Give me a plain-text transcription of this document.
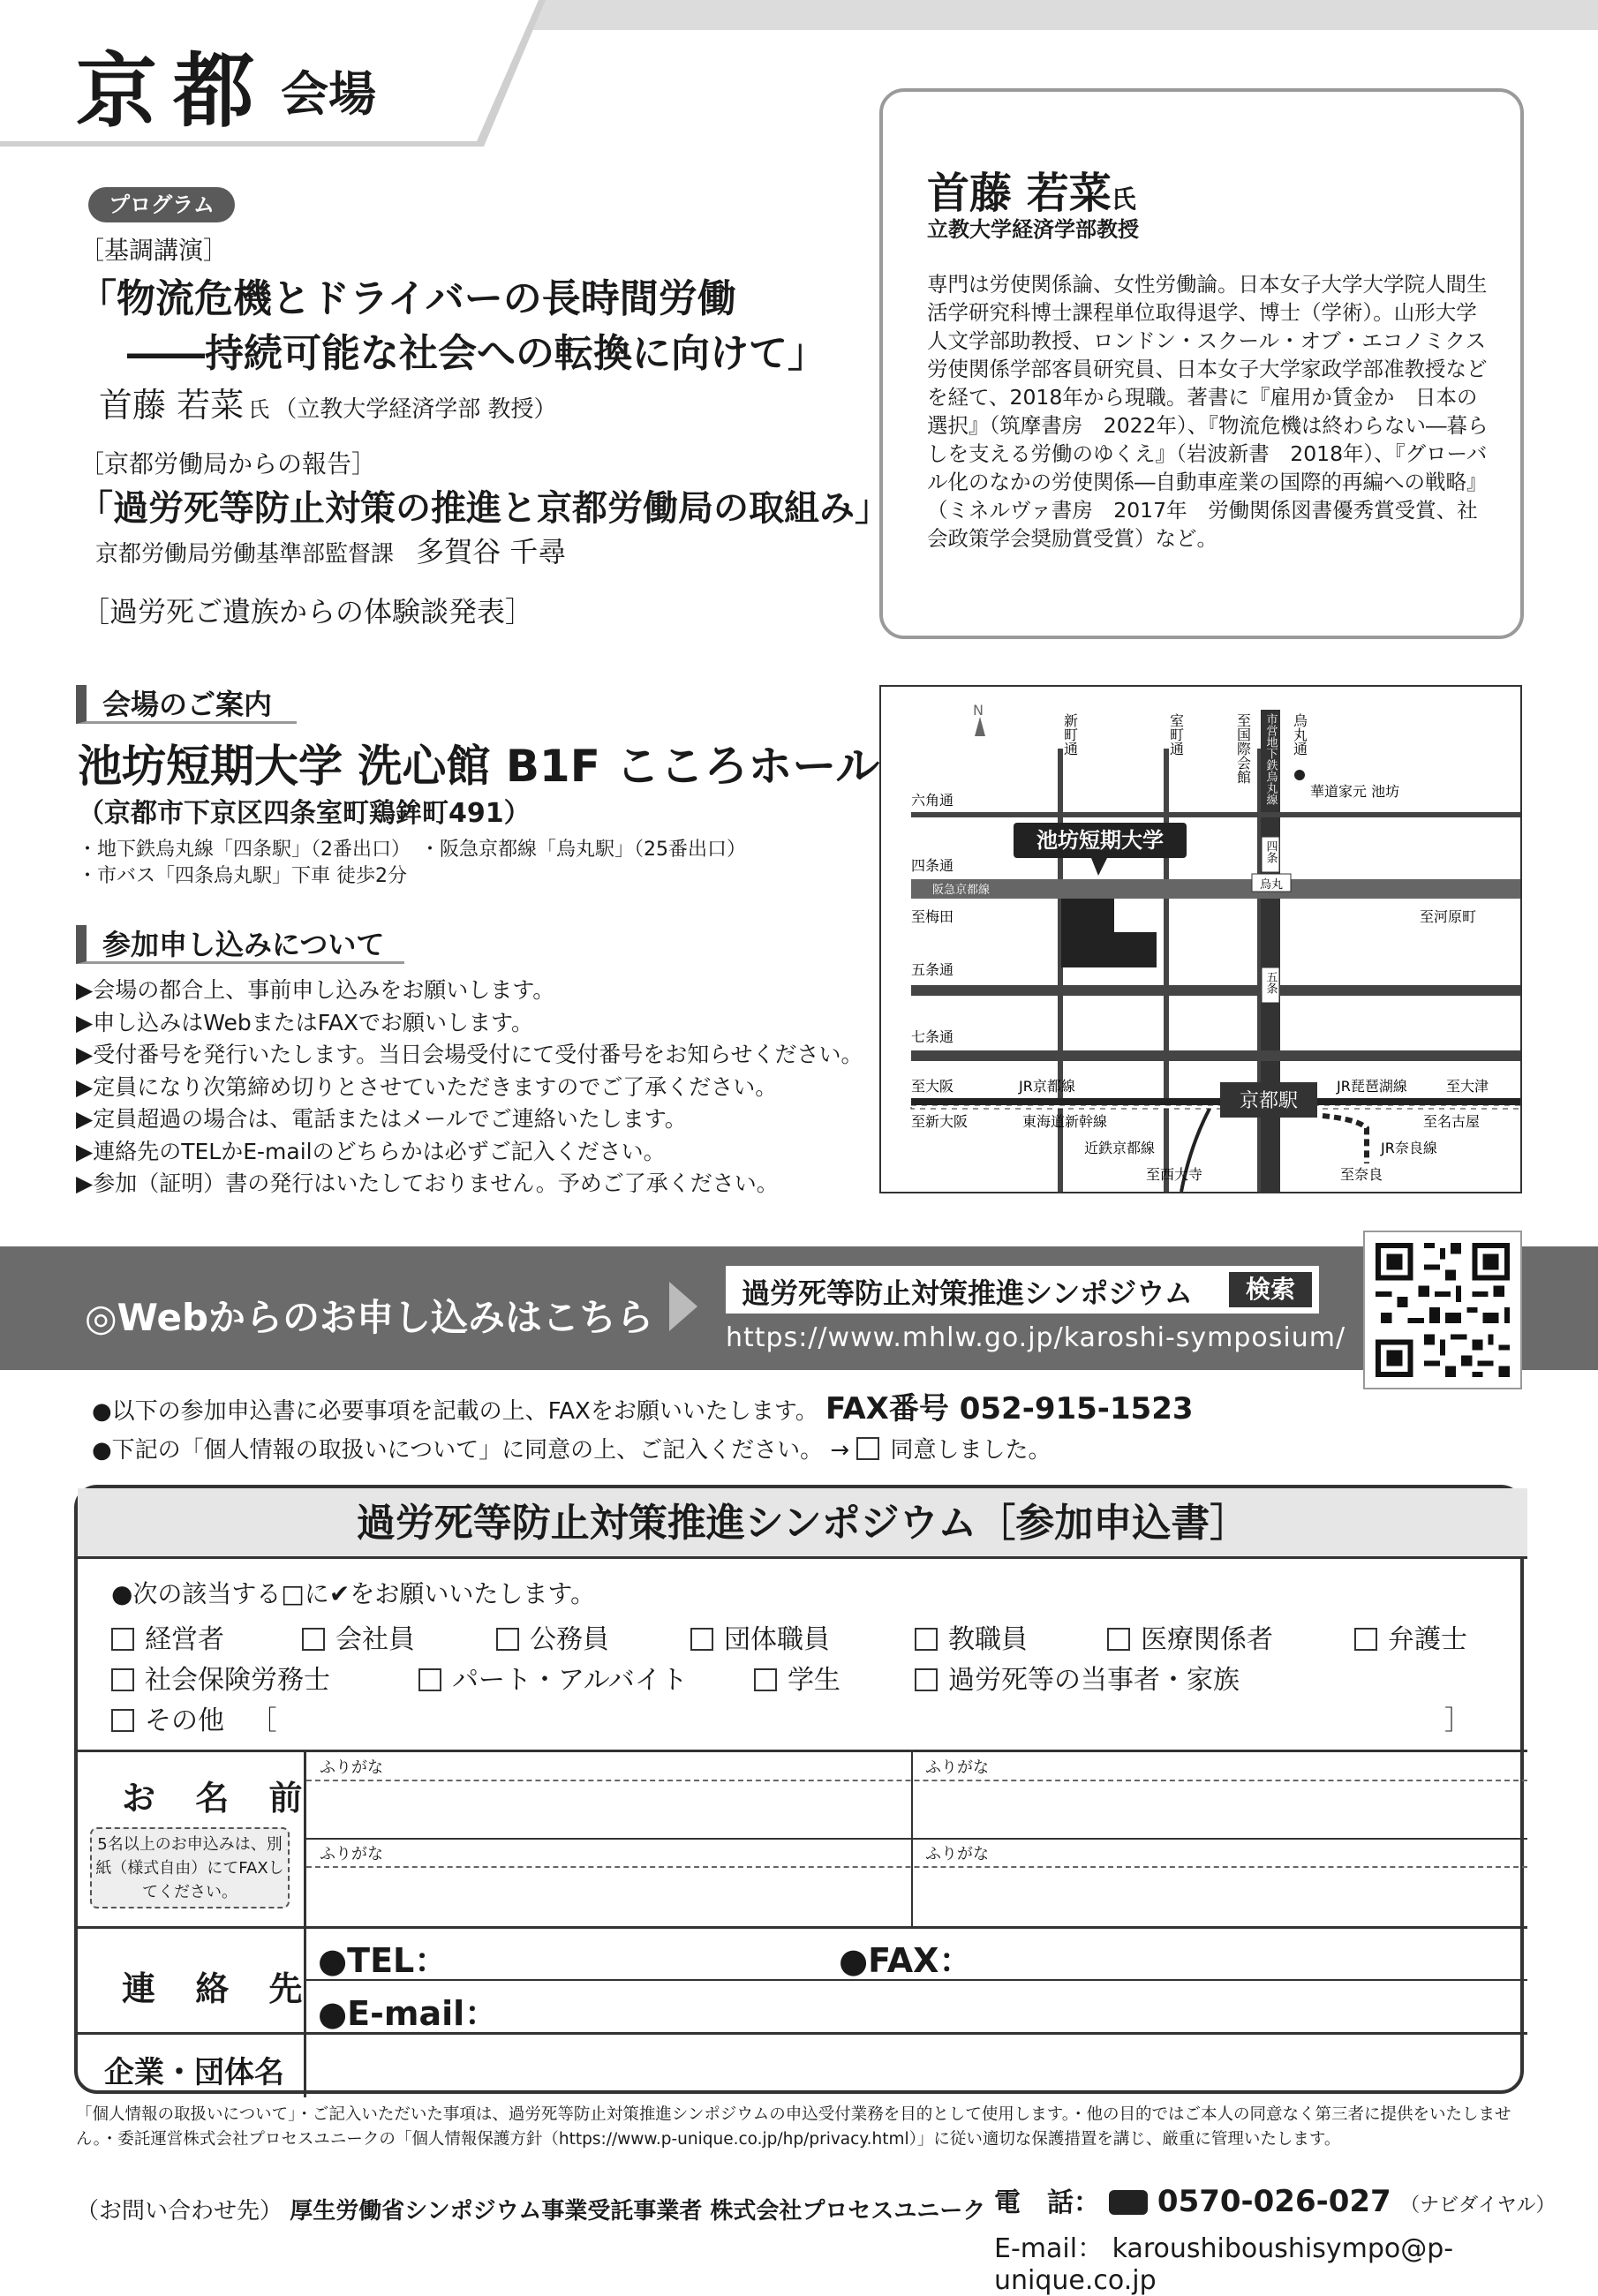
京都 会場
プログラム
［基調講演］
「物流危機とドライバーの長時間労働
――持続可能な社会への転換に向けて」
首藤 若菜 氏 （立教大学経済学部 教授）
［京都労働局からの報告］
「過労死等防止対策の推進と京都労働局の取組み」
京都労働局労働基準部監督課 多賀谷 千尋
［過労死ご遺族からの体験談発表］
首藤 若菜氏
立教大学経済学部教授
専門は労使関係論、女性労働論。日本女子大学大学院人間生活学研究科博士課程単位取得退学、博士（学術）。山形大学人文学部助教授、ロンドン・スクール・オブ・エコノミクス労使関係学部客員研究員、日本女子大学家政学部准教授などを経て、2018年から現職。著書に『雇用か賃金か　日本の選択』（筑摩書房　2022年）、『物流危機は終わらない―暮らしを支える労働のゆくえ』（岩波新書　2018年）、『グローバル化のなかの労使関係―自動車産業の国際的再編への戦略』（ミネルヴァ書房　2017年　労働関係図書優秀賞受賞、社会政策学会奨励賞受賞）など。
会場のご案内
池坊短期大学 洗心館 B1F こころホール
（京都市下京区四条室町鶏鉾町491）
・地下鉄烏丸線「四条駅」（2番出口）　・阪急京都線「烏丸駅」（25番出口）
・市バス「四条烏丸駅」下車 徒歩2分
参加申し込みについて
▶会場の都合上、事前申し込みをお願いします。
▶申し込みはWebまたはFAXでお願いします。
▶受付番号を発行いたします。当日会場受付にて受付番号をお知らせください。
▶定員になり次第締め切りとさせていただきますのでご了承ください。
▶定員超過の場合は、電話またはメールでご連絡いたします。
▶連絡先のTELかE-mailのどちらかは必ずご記入ください。
▶参加（証明）書の発行はいたしておりません。予めご了承ください。
京都駅
池坊短期大学
N
新町通	室町通	至国際会館 市営地下鉄烏丸線 烏丸通
華道家元 池坊
六角通
四条通
阪急京都線	烏丸
四条
五条
至梅田	至河原町
五条通
七条通
至大阪	JR京都線
至新大阪	東海道新幹線
JR琵琶湖線	至大津
至名古屋
JR奈良線
近鉄京都線
至西大寺	至奈良
◎Webからのお申し込みはこちら
過労死等防止対策推進シンポジウム	検索
https://www.mhlw.go.jp/karoshi-symposium/
●以下の参加申込書に必要事項を記載の上、FAXをお願いいたします。 FAX番号 052-915-1523
●下記の「個人情報の取扱いについて」に同意の上、ご記入ください。 → 同意しました。
過労死等防止対策推進シンポジウム［参加申込書］
●次の該当する□に✔をお願いいたします。
経営者	会社員	公務員	団体職員	教職員	医療関係者	弁護士
社会保険労務士	パート・アルバイト	学生	過労死等の当事者・家族
その他 ［	］
ふりがな	ふりがな
ふりがな	ふりがな
お 名 前
5名以上のお申込みは、別紙（様式自由）にてFAXしてください。
連 絡 先
●TEL：	●FAX：
●E-mail：
企業・団体名
「個人情報の取扱いについて」・ご記入いただいた事項は、過労死等防止対策推進シンポジウムの申込受付業務を目的として使用します。・他の目的ではご本人の同意なく第三者に提供をいたしません。・委託運営株式会社プロセスユニークの「個人情報保護方針（https://www.p-unique.co.jp/hp/privacy.html）」に従い適切な保護措置を講じ、厳重に管理いたします。
（お問い合わせ先） 厚生労働省シンポジウム事業受託事業者 株式会社プロセスユニーク 電　話： 0570-026-027 （ナビダイヤル）
E-mail： karoushiboushisympo@p-unique.co.jp
